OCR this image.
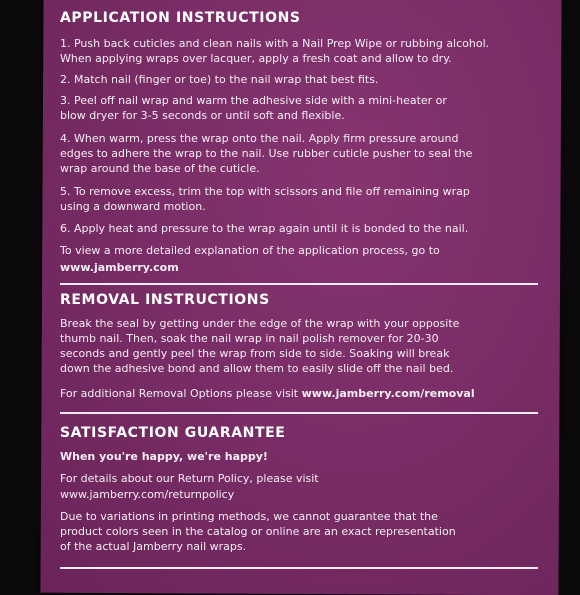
APPLICATION INSTRUCTIONS

1. Push back cuticles and clean nails with a Nail Prep Wipe or rubbing alcohol.
When applying wraps over lacquer, apply a fresh coat and allow to dry.

2. Match nail (finger or toe) to the nail wrap that best fits.

3. Peel off nail wrap and warm the adhesive side with a mini-heater or
blow dryer for 3-5 seconds or until soft and flexible.

4. When warm, press the wrap onto the nail. Apply firm pressure around
edges to adhere the wrap to the nail. Use rubber cuticle pusher to seal the
wrap around the base of the cuticle.

5. To remove excess, trim the top with scissors and file off remaining wrap
using a downward motion.

6. Apply heat and pressure to the wrap again until it is bonded to the nail.

To view a more detailed explanation of the application process, go to

www.jamberry.com

REMOVAL INSTRUCTIONS

Break the seal by getting under the edge of the wrap with your opposite
thumb nail. Then, soak the nail wrap in nail polish remover for 20-30
seconds and gently peel the wrap from side to side. Soaking will break
down the adhesive bond and allow them to easily slide off the nail bed.

For additional Removal Options please visit www.jamberry.com/removal

SATISFACTION GUARANTEE

When you're happy, we're happy!

For details about our Return Policy, please visit

www.jamberry.com/returnpolicy

Due to variations in printing methods, we cannot guarantee that the
product colors seen in the catalog or online are an exact representation
of the actual Jamberry nail wraps.
